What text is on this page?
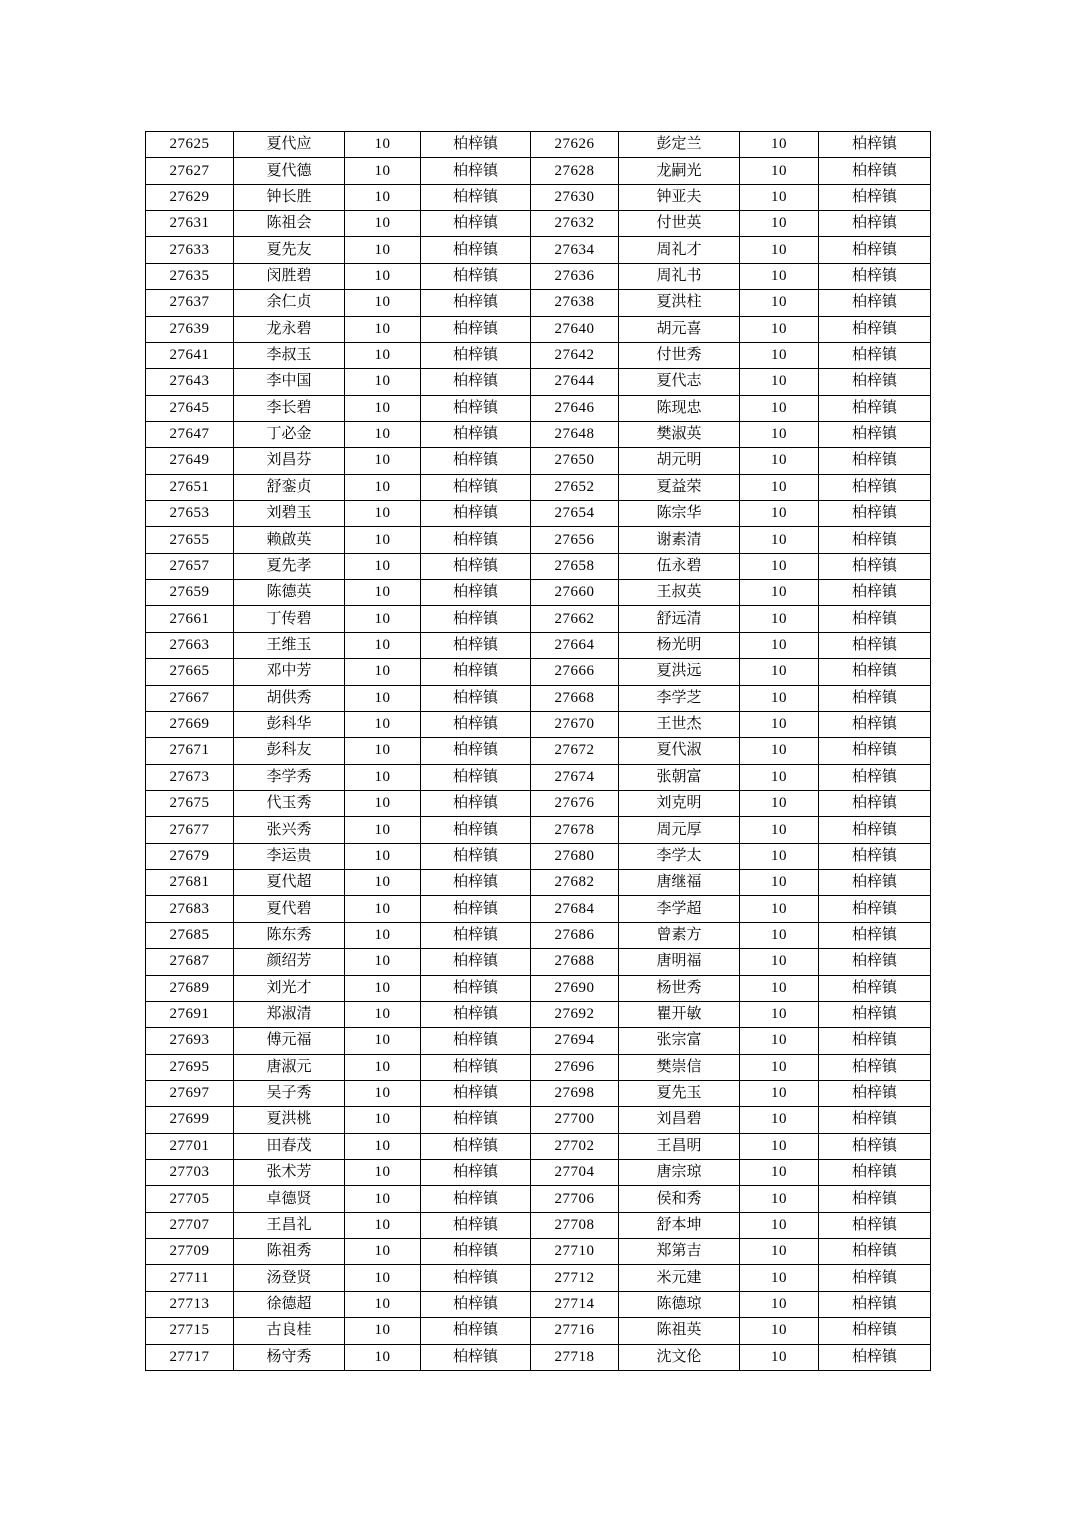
27625	夏代应	10	柏梓镇	27626	彭定兰	10	柏梓镇
27627	夏代德	10	柏梓镇	27628	龙嗣光	10	柏梓镇
27629	钟长胜	10	柏梓镇	27630	钟亚夫	10	柏梓镇
27631	陈祖会	10	柏梓镇	27632	付世英	10	柏梓镇
27633	夏先友	10	柏梓镇	27634	周礼才	10	柏梓镇
27635	闵胜碧	10	柏梓镇	27636	周礼书	10	柏梓镇
27637	余仁贞	10	柏梓镇	27638	夏洪柱	10	柏梓镇
27639	龙永碧	10	柏梓镇	27640	胡元喜	10	柏梓镇
27641	李叔玉	10	柏梓镇	27642	付世秀	10	柏梓镇
27643	李中国	10	柏梓镇	27644	夏代志	10	柏梓镇
27645	李长碧	10	柏梓镇	27646	陈现忠	10	柏梓镇
27647	丁必金	10	柏梓镇	27648	樊淑英	10	柏梓镇
27649	刘昌芬	10	柏梓镇	27650	胡元明	10	柏梓镇
27651	舒銮贞	10	柏梓镇	27652	夏益荣	10	柏梓镇
27653	刘碧玉	10	柏梓镇	27654	陈宗华	10	柏梓镇
27655	赖啟英	10	柏梓镇	27656	谢素清	10	柏梓镇
27657	夏先孝	10	柏梓镇	27658	伍永碧	10	柏梓镇
27659	陈德英	10	柏梓镇	27660	王叔英	10	柏梓镇
27661	丁传碧	10	柏梓镇	27662	舒远清	10	柏梓镇
27663	王维玉	10	柏梓镇	27664	杨光明	10	柏梓镇
27665	邓中芳	10	柏梓镇	27666	夏洪远	10	柏梓镇
27667	胡供秀	10	柏梓镇	27668	李学芝	10	柏梓镇
27669	彭科华	10	柏梓镇	27670	王世杰	10	柏梓镇
27671	彭科友	10	柏梓镇	27672	夏代淑	10	柏梓镇
27673	李学秀	10	柏梓镇	27674	张朝富	10	柏梓镇
27675	代玉秀	10	柏梓镇	27676	刘克明	10	柏梓镇
27677	张兴秀	10	柏梓镇	27678	周元厚	10	柏梓镇
27679	李运贵	10	柏梓镇	27680	李学太	10	柏梓镇
27681	夏代超	10	柏梓镇	27682	唐继福	10	柏梓镇
27683	夏代碧	10	柏梓镇	27684	李学超	10	柏梓镇
27685	陈东秀	10	柏梓镇	27686	曾素方	10	柏梓镇
27687	颜绍芳	10	柏梓镇	27688	唐明福	10	柏梓镇
27689	刘光才	10	柏梓镇	27690	杨世秀	10	柏梓镇
27691	郑淑清	10	柏梓镇	27692	瞿开敏	10	柏梓镇
27693	傅元福	10	柏梓镇	27694	张宗富	10	柏梓镇
27695	唐淑元	10	柏梓镇	27696	樊崇信	10	柏梓镇
27697	吴子秀	10	柏梓镇	27698	夏先玉	10	柏梓镇
27699	夏洪桃	10	柏梓镇	27700	刘昌碧	10	柏梓镇
27701	田春茂	10	柏梓镇	27702	王昌明	10	柏梓镇
27703	张术芳	10	柏梓镇	27704	唐宗琼	10	柏梓镇
27705	卓德贤	10	柏梓镇	27706	侯和秀	10	柏梓镇
27707	王昌礼	10	柏梓镇	27708	舒本坤	10	柏梓镇
27709	陈祖秀	10	柏梓镇	27710	郑第吉	10	柏梓镇
27711	汤登贤	10	柏梓镇	27712	米元建	10	柏梓镇
27713	徐德超	10	柏梓镇	27714	陈德琼	10	柏梓镇
27715	古良桂	10	柏梓镇	27716	陈祖英	10	柏梓镇
27717	杨守秀	10	柏梓镇	27718	沈文伦	10	柏梓镇
